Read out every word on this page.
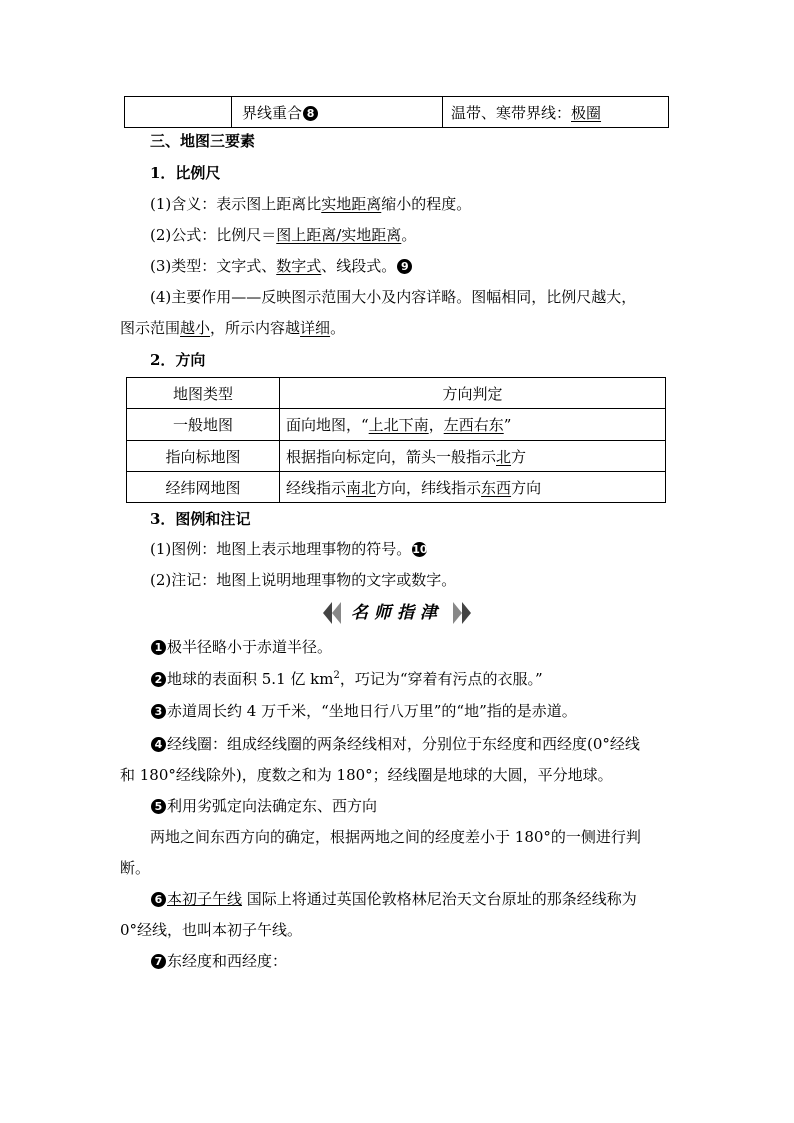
	界线重合 8	温带、寒带界线：极圈
三、地图三要素
1．比例尺
(1)含义：表示图上距离比实地距离缩小的程度。
(2)公式：比例尺＝图上距离/实地距离。
(3)类型：文字式、数字式、线段式。 9
(4)主要作用——反映图示范围大小及内容详略。图幅相同，比例尺越大，
图示范围越小，所示内容越详细。
2．方向
地图类型	方向判定
一般地图	面向地图，“上北下南，左西右东”
指向标地图	根据指向标定向，箭头一般指示北方
经纬网地图	经线指示南北方向，纬线指示东西方向
3．图例和注记
(1)图例：地图上表示地理事物的符号。10
(2)注记：地图上说明地理事物的文字或数字。
名师指津
1 极半径略小于赤道半径。
2 地球的表面积 5.1 亿 $km^2$，巧记为“穿着有污点的衣服。”
3 赤道周长约 4 万千米，“坐地日行八万里”的“地”指的是赤道。
4 经线圈：组成经线圈的两条经线相对，分别位于东经度和西经度(0°经线
和 180°经线除外)，度数之和为 180°；经线圈是地球的大圆，平分地球。
5 利用劣弧定向法确定东、西方向
两地之间东西方向的确定，根据两地之间的经度差小于 180°的一侧进行判
断。
6 本初子午线 国际上将通过英国伦敦格林尼治天文台原址的那条经线称为
0°经线，也叫本初子午线。
7 东经度和西经度：
